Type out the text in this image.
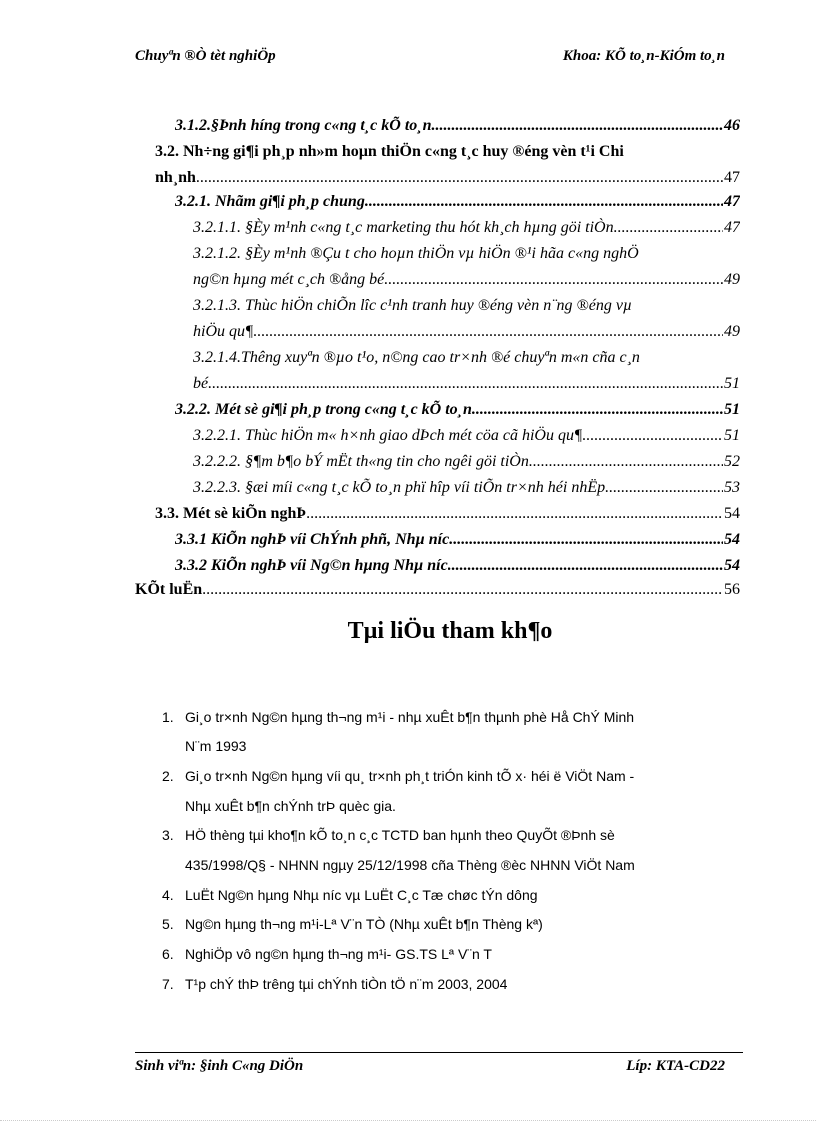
Chuyªn ®Ò tèt nghiÖp	Khoa: KÕ to¸n-KiÓm to¸n
3.1.2.§Þnh híng trong c«ng t¸c kÕ to¸n .....	46
3.2. Nh÷ng gi¶i ph¸p nh»m hoµn thiÖn c«ng t¸c huy ®éng vèn t¹i Chi
nh¸nh .....	47
3.2.1. Nhãm gi¶i ph¸p chung .....	47
3.2.1.1. §Èy m¹nh c«ng t¸c marketing thu hót kh¸ch hµng göi tiÒn .....	47
3.2.1.2. §Èy m¹nh ®Çu t cho hoµn thiÖn vµ hiÖn ®¹i hãa c«ng nghÖ
ng©n hµng mét c¸ch ®ång bé .....	49
3.2.1.3. Thùc hiÖn chiÕn lîc c¹nh tranh huy ®éng vèn n¨ng ®éng vµ
hiÖu qu¶ .....	49
3.2.1.4.Thêng xuyªn ®µo t¹o, n©ng cao tr×nh ®é chuyªn m«n cña c¸n
bé .....	51
3.2.2. Mét sè gi¶i ph¸p trong c«ng t¸c kÕ to¸n .....	51
3.2.2.1. Thùc hiÖn m« h×nh giao dÞch mét cöa cã hiÖu qu¶ .....	51
3.2.2.2. §¶m b¶o bÝ mËt th«ng tin cho ngêi göi tiÒn .....	52
3.2.2.3. §æi míi c«ng t¸c kÕ to¸n phï hîp víi tiÕn tr×nh héi nhËp .....	53
3.3. Mét sè kiÕn nghÞ .....	54
3.3.1 KiÕn nghÞ víi ChÝnh phñ, Nhµ níc .....	54
3.3.2 KiÕn nghÞ víi Ng©n hµng Nhµ níc .....	54
KÕt luËn .....	56
Tµi liÖu tham kh¶o
1. Gi¸o tr×nh Ng©n hµng th¬ng m¹i - nhµ xuÊt b¶n thµnh phè Hå ChÝ Minh
N¨m 1993
2. Gi¸o tr×nh Ng©n hµng víi qu¸ tr×nh ph¸t triÓn kinh tÕ x· héi ë ViÖt Nam -
Nhµ xuÊt b¶n chÝnh trÞ quèc gia.
3. HÖ thèng tµi kho¶n kÕ to¸n c¸c TCTD ban hµnh theo QuyÕt ®Þnh sè
435/1998/Q§ - NHNN ngµy 25/12/1998 cña Thèng ®èc NHNN ViÖt Nam
4. LuËt Ng©n hµng Nhµ níc vµ LuËt C¸c Tæ chøc tÝn dông
5. Ng©n hµng th¬ng m¹i-Lª V¨n TÒ (Nhµ xuÊt b¶n Thèng kª)
6. NghiÖp vô ng©n hµng th¬ng m¹i- GS.TS Lª V¨n T
7. T¹p chÝ thÞ trêng tµi chÝnh tiÒn tÖ n¨m 2003, 2004
Sinh viªn: §inh C«ng DiÖn	Líp: KTA-CD22
